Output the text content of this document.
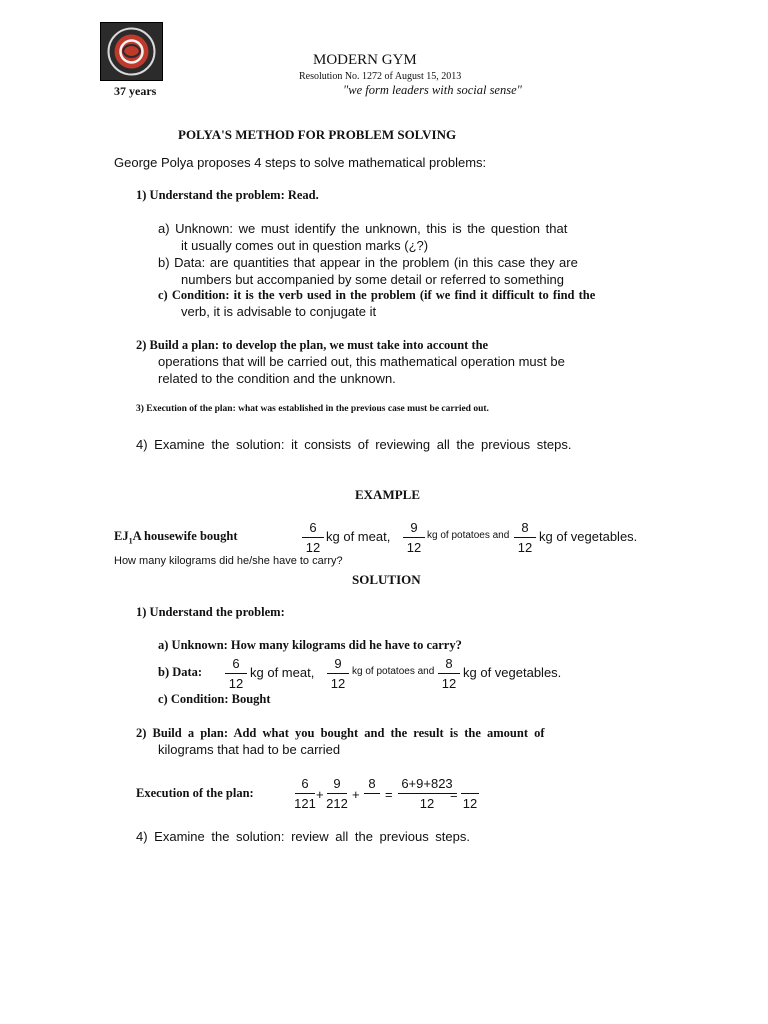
MODERN GYM
Resolution No. 1272 of August 15, 2013
37 years	"we form leaders with social sense"
POLYA'S METHOD FOR PROBLEM SOLVING
George Polya proposes 4 steps to solve mathematical problems:
1) Understand the problem: Read.
a) Unknown: we must identify the unknown, this is the question that
it usually comes out in question marks (¿?)
b) Data: are quantities that appear in the problem (in this case they are
numbers but accompanied by some detail or referred to something
c) Condition: it is the verb used in the problem (if we find it difficult to find the
verb, it is advisable to conjugate it
2) Build a plan: to develop the plan, we must take into account the
operations that will be carried out, this mathematical operation must be
related to the condition and the unknown.
3) Execution of the plan: what was established in the previous case must be carried out.
4) Examine the solution: it consists of reviewing all the previous steps.
EXAMPLE
$EJ_1A$ housewife bought
6
12
kg of meat,
9
12
kg of potatoes and
8
12
kg of vegetables.
How many kilograms did he/she have to carry?
SOLUTION
1) Understand the problem:
a) Unknown: How many kilograms did he have to carry?
b) Data:
6
12
kg of meat,
9
12
kg of potatoes and
8
12
kg of vegetables.
c) Condition: Bought
2) Build a plan: Add what you bought and the result is the amount of
kilograms that had to be carried
Execution of the plan:
6
121
+
9
212
+
8

=
6+9+823
12
=

12
4) Examine the solution: review all the previous steps.
